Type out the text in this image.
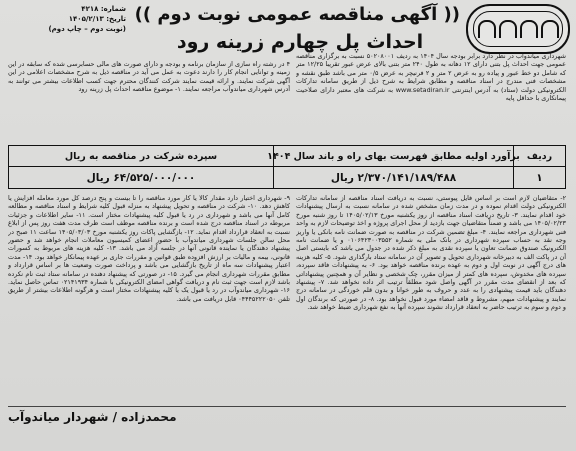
شماره: ۴۲۱۸
تاریخ: ۱۴۰۵/۲/۱۳
(نوبت دوم – چاپ دوم)
(( آگهی مناقصه عمومی نوبت دوم ))
احداث پل چهارم زرینه رود

شهرداری میاندوآب در نظر دارد برابر بودجه سال ۱۴۰۴ به ردیف ۵۰۲۰۸۰۰۱ نسبت به برگزاری مناقصه عمومی جهت احداث پل بتنی دارای ۱۲ دهانه به طول ۲۴۰ متر بتنی بالای عرض عبور تقریبا ۱۲/۲۵ متر که شامل دو خط عبور و پیاده رو به عرض ۲ متر و ۲ فرنیچر به عرض ۰/۵ متر می باشد طبق نقشه و مشخصات فنی مندرج در اسناد مناقصه و مطابق شرایط به شرح ذیل از طریق سامانه تدارکات الکترونیکی دولت (ستاد) به آدرس اینترنتی www.setadiran.ir به شرکت های معتبر دارای صلاحیت پیمانکاری با حداقل پایه

۴ در رشته راه سازی از سازمان برنامه و بودجه و دارای صورت های مالی حسابرسی شده که سابقه در این زمینه و توانایی انجام کار را دارند دعوت به عمل می آید در مناقصه ذیل به شرح مشخصات اعلامی در این آگهی شرکت نمایند. و ارائه قیمت نمایند شرکت کنندگان محترم جهت کسب اطلاعات بیشتر می توانند به آدرس شهرداری میاندوآب مراجعه نمایند. ۱- موضوع مناقصه احداث پل زرینه رود

ردیف
برآورد اولیه مطابق فهرست بهای راه و باند سال ۱۴۰۴
سپرده شرکت در مناقصه به ریال
۱
۲/۳۷۰/۱۴۱/۱۸۹/۴۸۸ ریال
۶۴/۵۲۵/۰۰۰/۰۰۰ ریال

۲- متقاضیان لازم است بر اساس فایل پیوستی، نسبت به دریافت اسناد مناقصه از سامانه تدارکات الکترونیکی دولت اقدام نموده و در مدت زمان مشخص شده در سامانه نسبت به ارسال پیشنهادات خود اقدام نمایند. ۳- تاریخ دریافت اسناد مناقصه از روز یکشنبه مورخ ۱۴۰۵/۰۲/۱۳ تا روز شنبه مورخ ۱۴۰۵/۰۲/۲۳ می باشد و ضمناً متقاضیان جهت بازدید از محل اجرای پروژه و اخذ توضیحات لازم به واحد فنی شهرداری مراجعه نمایند. ۴- مبلغ تضمین شرکت در مناقصه به صورت ضمانت نامه بانکی یا واریز وجه نقد به حساب سپرده شهرداری در بانک ملی به شماره ۰۱۰۶۴۲۳۰۰۳۵۵۲ و یا ضمانت نامه الکترونیک صندوق ضمانت تعاون یا سپرده نقدی به مبلغ ذکر شده در جدول می باشد که بایستی اصل آن در پاکت الف به دبیرخانه شهرداری تحویل و تصویر آن در سامانه ستاد بارگذاری شود. ۵- کلیه هزینه های درج آگهی در نوبت اول و دوم به عهده برنده مناقصه خواهد بود. ۶- به پیشنهادات فاقد سپرده، سپرده های مخدوش، سپرده های کمتر از میزان مقرر، چک شخصی و نظایر آن و همچنین پیشنهاداتی که بعد از انقضای مدت مقرر در آگهی واصل شود مطلقاً ترتیب اثر داده نخواهد شد. ۷- پیشنهاد دهندگان باید قیمت پیشنهادی را به عدد و حروف به طور خوانا و بدون قلم خوردگی در سامانه درج نمایند و پیشنهادات مبهم، مشروط و فاقد امضاء مورد قبول نخواهد بود. ۸- در صورتی که برندگان اول و دوم و سوم به ترتیب حاضر به انعقاد قرارداد نشوند سپرده آنها به نفع شهرداری ضبط خواهد شد.

۹- شهرداری اختیار دارد مقدار کالا یا کار مورد مناقصه را تا بیست و پنج درصد کل مورد معامله افزایش یا کاهش دهد. ۱۰- شرکت در مناقصه و تحویل پیشنهاد به منزله قبول کلیه شرایط و اسناد مناقصه و مطالعه کامل آنها می باشد و شهرداری در رد یا قبول کلیه پیشنهادات مختار است. ۱۱- سایر اطلاعات و جزئیات مربوطه در اسناد مناقصه درج شده است و برنده مناقصه موظف است ظرف مدت هفت روز پس از ابلاغ نسبت به انعقاد قرارداد اقدام نماید. ۱۲- بازگشایی پاکات روز یکشنبه مورخ ۱۴۰۵/۰۳/۰۳ ساعت ۱۱ صبح در محل سالن جلسات شهرداری میاندوآب با حضور اعضای کمیسیون معاملات انجام خواهد شد و حضور پیشنهاد دهندگان یا نماینده قانونی آنها در جلسه آزاد می باشد. ۱۳- کلیه هزینه های مربوط به کسورات قانونی، بیمه و مالیات بر ارزش افزوده طبق قوانین و مقررات جاری بر عهده پیمانکار خواهد بود. ۱۴- مدت اعتبار پیشنهادات سه ماه از تاریخ بازگشایی می باشد و پرداخت صورت وضعیت ها بر اساس قرارداد و مطابق مقررات شهرداری انجام می گیرد. ۱۵- در صورتی که پیشنهاد دهنده در سامانه ستاد ثبت نام نکرده باشد لازم است جهت ثبت نام و دریافت گواهی امضای الکترونیکی با شماره ۰۲۱۴۱۹۳۴ تماس حاصل نماید. ۱۶- شهرداری میاندوآب در رد یا قبول یک یا کلیه پیشنهادات مختار است و هرگونه اطلاعات بیشتر از طریق تلفن ۰۴۴۴۵۲۲۲۰۵۰ قابل دریافت می باشد.

محمدزاده / شهردار میاندوآب
